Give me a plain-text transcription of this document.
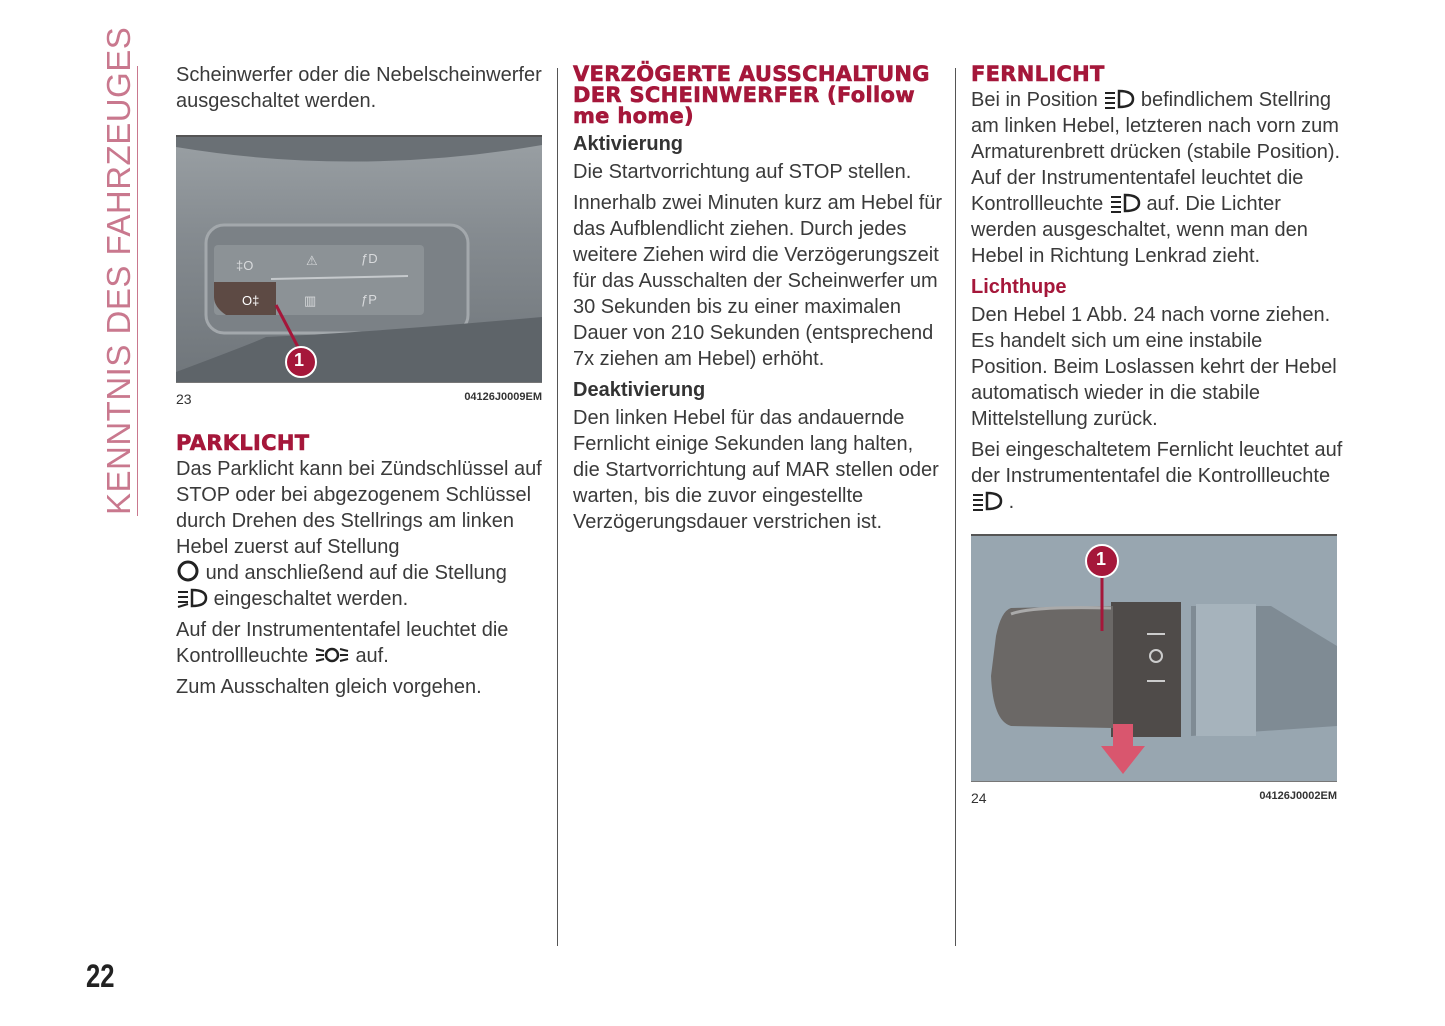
KENNTNIS DES FAHRZEUGES
22

Scheinwerfer oder die Nebelscheinwerfer ausgeschaltet werden.

‡O	⚠	ƒD
O‡	▥	ƒP
1
23	04126J0009EM
PARKLICHT

Das Parklicht kann bei Zündschlüssel auf STOP oder bei abgezogenem Schlüssel durch Drehen des Stellrings am linken Hebel zuerst auf Stellung
und anschließend auf die Stellung
eingeschaltet werden.

Auf der Instrumententafel leuchtet die Kontrollleuchte auf.

Zum Ausschalten gleich vorgehen.

VERZÖGERTE AUSSCHALTUNG DER SCHEINWERFER (Follow me home)
Aktivierung

Die Startvorrichtung auf STOP stellen.

Innerhalb zwei Minuten kurz am Hebel für das Aufblendlicht ziehen. Durch jedes weitere Ziehen wird die Verzögerungszeit für das Ausschalten der Scheinwerfer um 30 Sekunden bis zu einer maximalen Dauer von 210 Sekunden (entsprechend 7x ziehen am Hebel) erhöht.

Deaktivierung

Den linken Hebel für das andauernde Fernlicht einige Sekunden lang halten, die Startvorrichtung auf MAR stellen oder warten, bis die zuvor eingestellte Verzögerungsdauer verstrichen ist.

FERNLICHT

Bei in Position befindlichem Stellring am linken Hebel, letzteren nach vorn zum Armaturenbrett drücken (stabile Position). Auf der Instrumententafel leuchtet die Kontrollleuchte auf. Die Lichter werden ausgeschaltet, wenn man den Hebel in Richtung Lenkrad zieht.

Lichthupe

Den Hebel 1 Abb. 24 nach vorne ziehen. Es handelt sich um eine instabile Position. Beim Loslassen kehrt der Hebel automatisch wieder in die stabile Mittelstellung zurück.

Bei eingeschaltetem Fernlicht leuchtet auf der Instrumententafel die Kontrollleuchte  .

1
24	04126J0002EM
